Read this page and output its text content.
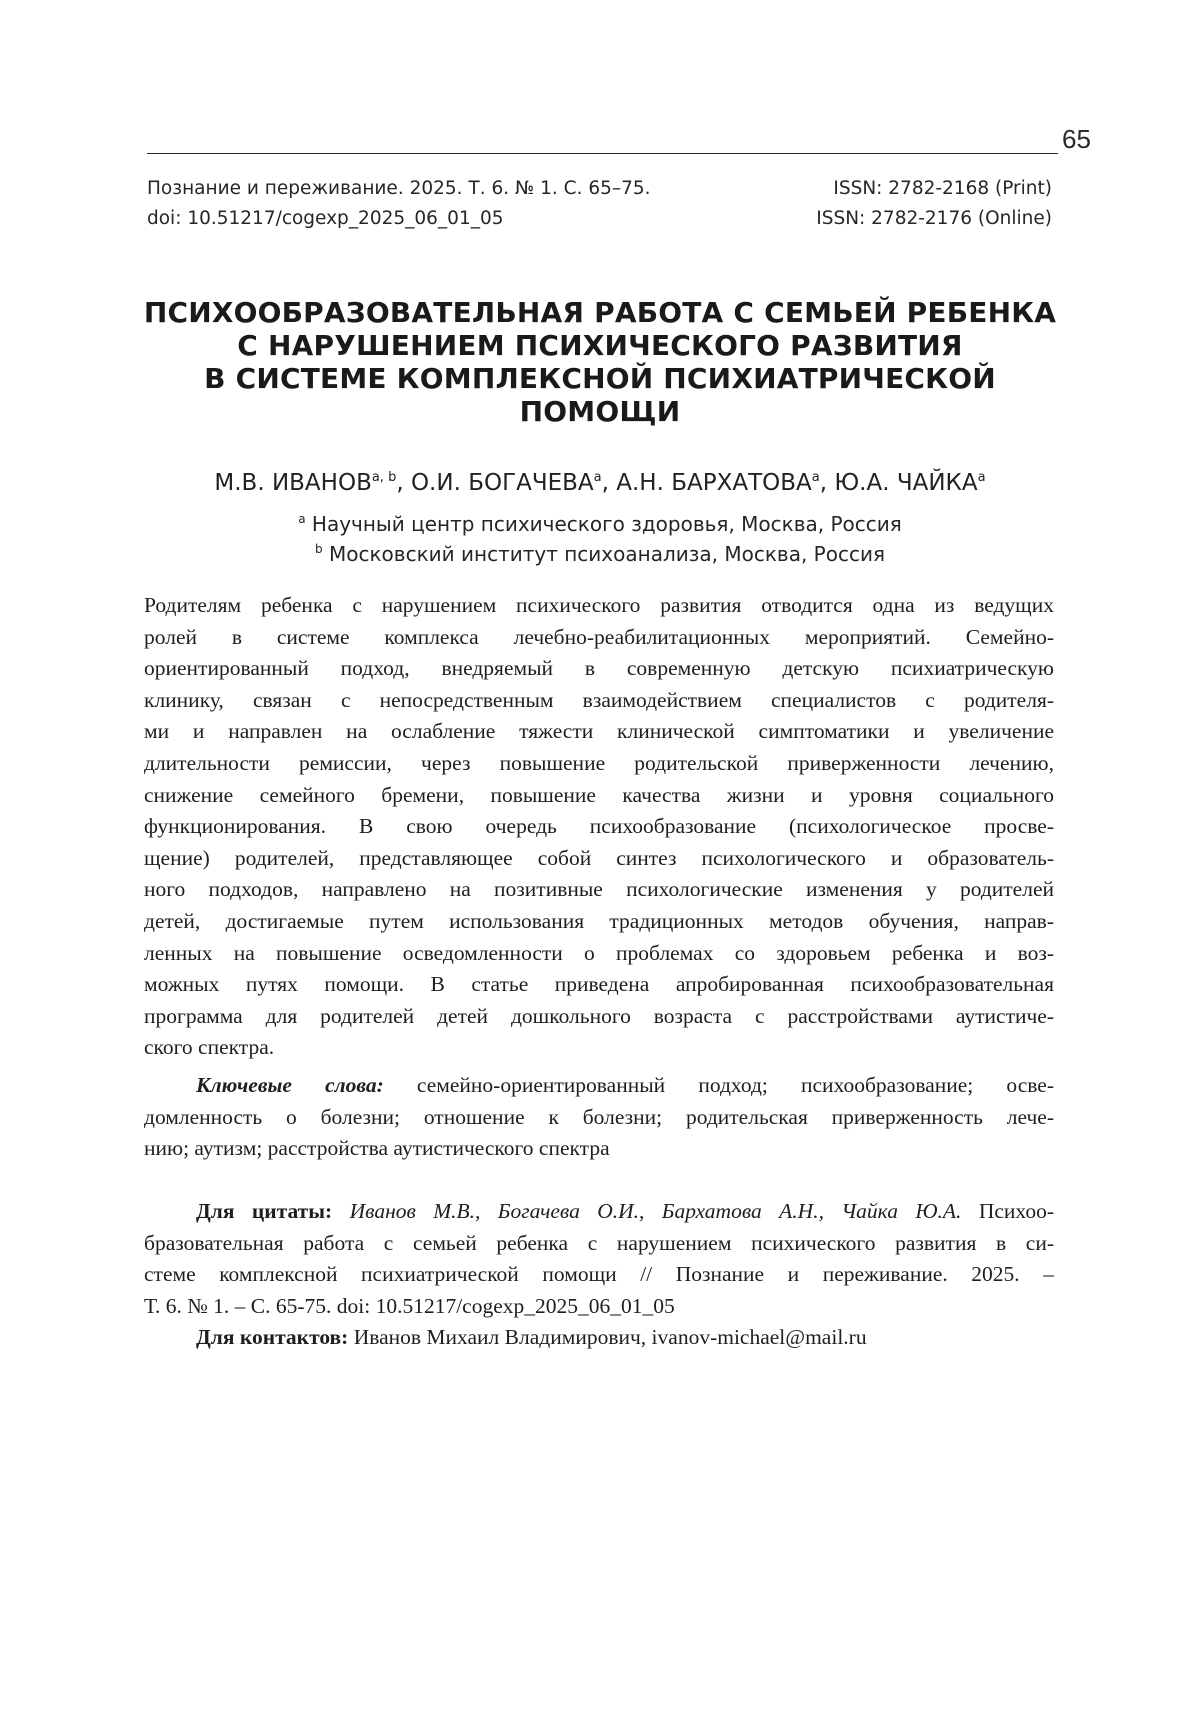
65
Познание и переживание. 2025. Т. 6. № 1. С. 65–75.
doi: 10.51217/cogexp_2025_06_01_05
ISSN: 2782-2168 (Print)
ISSN: 2782-2176 (Online)
ПСИХООБРАЗОВАТЕЛЬНАЯ РАБОТА С СЕМЬЕЙ РЕБЕНКА
С НАРУШЕНИЕМ ПСИХИЧЕСКОГО РАЗВИТИЯ
В СИСТЕМЕ КОМПЛЕКСНОЙ ПСИХИАТРИЧЕСКОЙ
ПОМОЩИ
М.В. ИВАНОВ$^{a, b}$, О.И. БОГАЧЕВА$^a$, А.Н. БАРХАТОВА$^a$, Ю.А. ЧАЙКА$^a$
$^a$ Научный центр психического здоровья, Москва, Россия
$^b$ Московский институт психоанализа, Москва, Россия
Родителям ребенка с нарушением психического развития отводится одна из ведущих
ролей в системе комплекса лечебно-реабилитационных мероприятий. Семейно-
ориентированный подход, внедряемый в современную детскую психиатрическую
клинику, связан с непосредственным взаимодействием специалистов с родителя-
ми и направлен на ослабление тяжести клинической симптоматики и увеличение
длительности ремиссии, через повышение родительской приверженности лечению,
снижение семейного бремени, повышение качества жизни и уровня социального
функционирования. В свою очередь психообразование (психологическое просве-
щение) родителей, представляющее собой синтез психологического и образователь-
ного подходов, направлено на позитивные психологические изменения у родителей
детей, достигаемые путем использования традиционных методов обучения, направ-
ленных на повышение осведомленности о проблемах со здоровьем ребенка и воз-
можных путях помощи. В статье приведена апробированная психообразовательная
программа для родителей детей дошкольного возраста с расстройствами аутистиче-
ского спектра.
Ключевые слова: семейно-ориентированный подход; психообразование; осве-
домленность о болезни; отношение к болезни; родительская приверженность лече-
нию; аутизм; расстройства аутистического спектра
Для цитаты: Иванов М.В., Богачева О.И., Бархатова А.Н., Чайка Ю.А. Психоо-
бразовательная работа с семьей ребенка с нарушением психического развития в си-
стеме комплексной психиатрической помощи // Познание и переживание. 2025. –
Т. 6. № 1. – С. 65-75. doi: 10.51217/cogexp_2025_06_01_05
Для контактов: Иванов Михаил Владимирович, ivanov-michael@mail.ru
